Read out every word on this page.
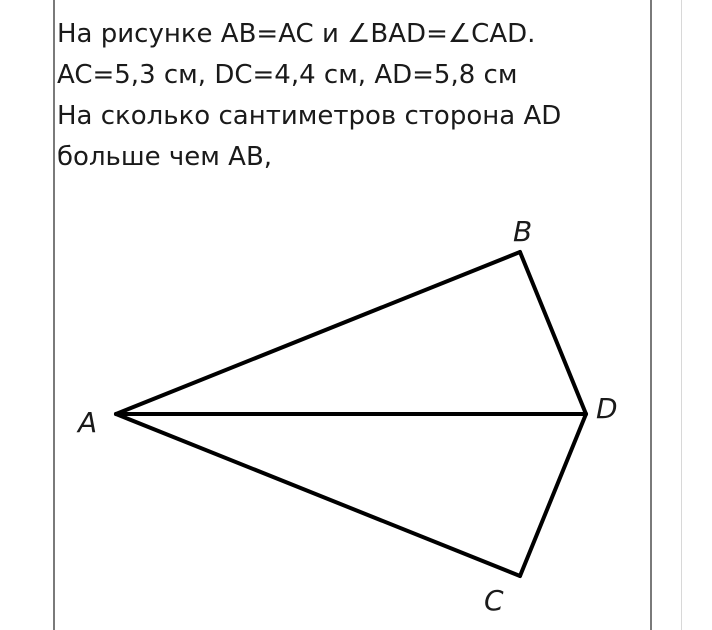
На рисунке AB=AC и ∠BAD=∠CAD.
AC=5,3 см, DC=4,4 см, AD=5,8 см
На сколько сантиметров сторона AD
больше чем AB,
A
B
D
C
